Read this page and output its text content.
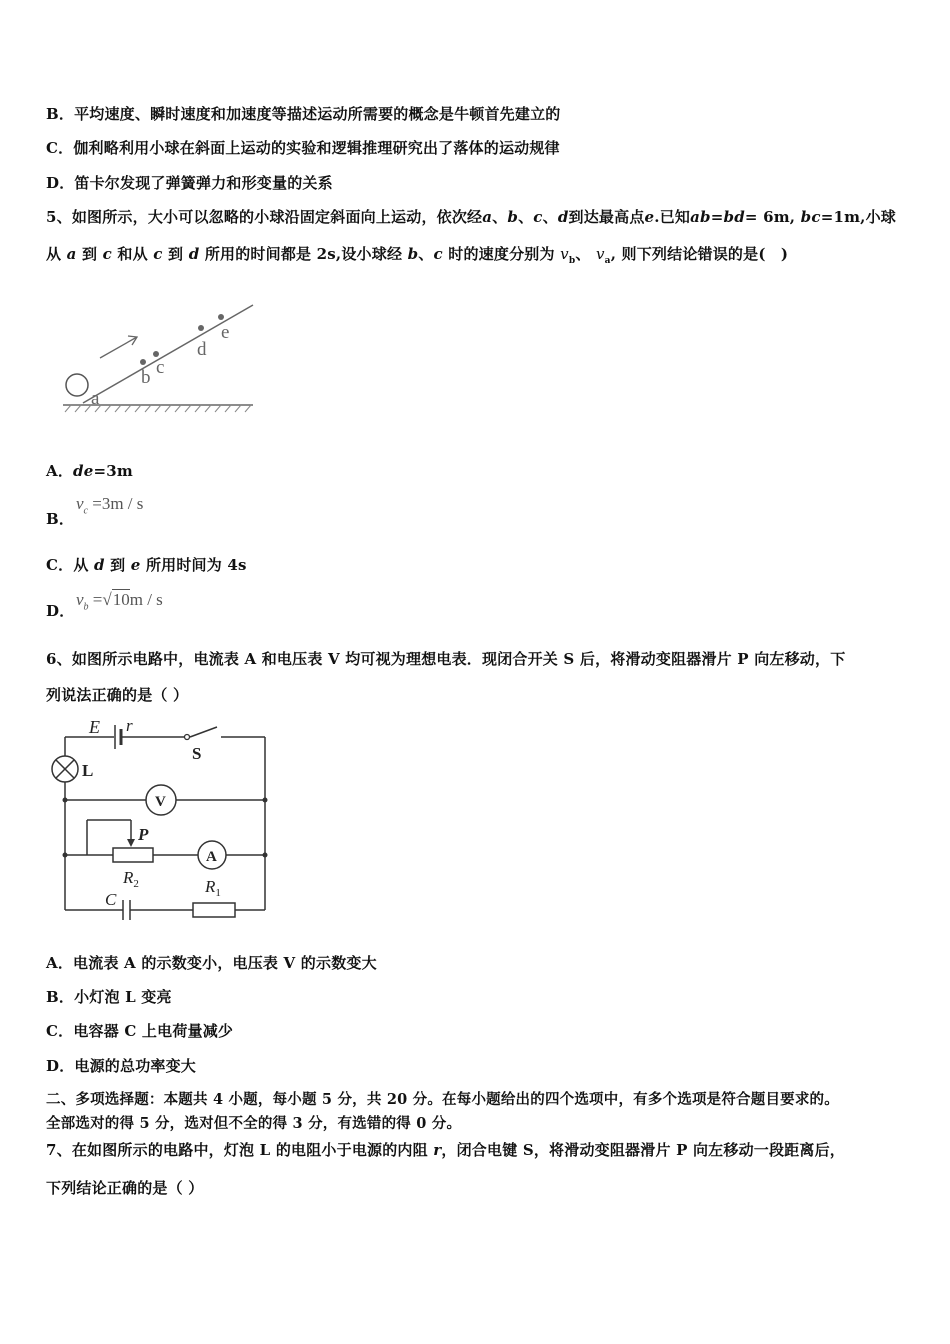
B．平均速度、瞬时速度和加速度等描述运动所需要的概念是牛顿首先建立的
C．伽利略利用小球在斜面上运动的实验和逻辑推理研究出了落体的运动规律
D．笛卡尔发现了弹簧弹力和形变量的关系
5、如图所示，大小可以忽略的小球沿固定斜面向上运动，依次经a、b、c、d到达最高点e.已知ab=bd= 6m, bc=1m,小球
从 a 到 c 和从 c 到 d 所用的时间都是 2s,设小球经 b、c 时的速度分别为 $v_b$、 $v_a$, 则下列结论错误的是(　)
a
b c
d
e
A．de=3m
B．
$v_c =3m / s$
C．从 d 到 e 所用时间为 4s
D．
$v_b =√10m / s$
6、如图所示电路中，电流表 A 和电压表 V 均可视为理想电表．现闭合开关 S 后，将滑动变阻器滑片 P 向左移动，下
列说法正确的是（ ）
V
A
E r
S
L
P
$R_2$	$R_1$
C
A．电流表 A 的示数变小，电压表 V 的示数变大
B．小灯泡 L 变亮
C．电容器 C 上电荷量减少
D．电源的总功率变大
二、多项选择题：本题共 4 小题，每小题 5 分，共 20 分。在每小题给出的四个选项中，有多个选项是符合题目要求的。
全部选对的得 5 分，选对但不全的得 3 分，有选错的得 0 分。
7、在如图所示的电路中，灯泡 L 的电阻小于电源的内阻 r，闭合电键 S，将滑动变阻器滑片 P 向左移动一段距离后，
下列结论正确的是（ ）
